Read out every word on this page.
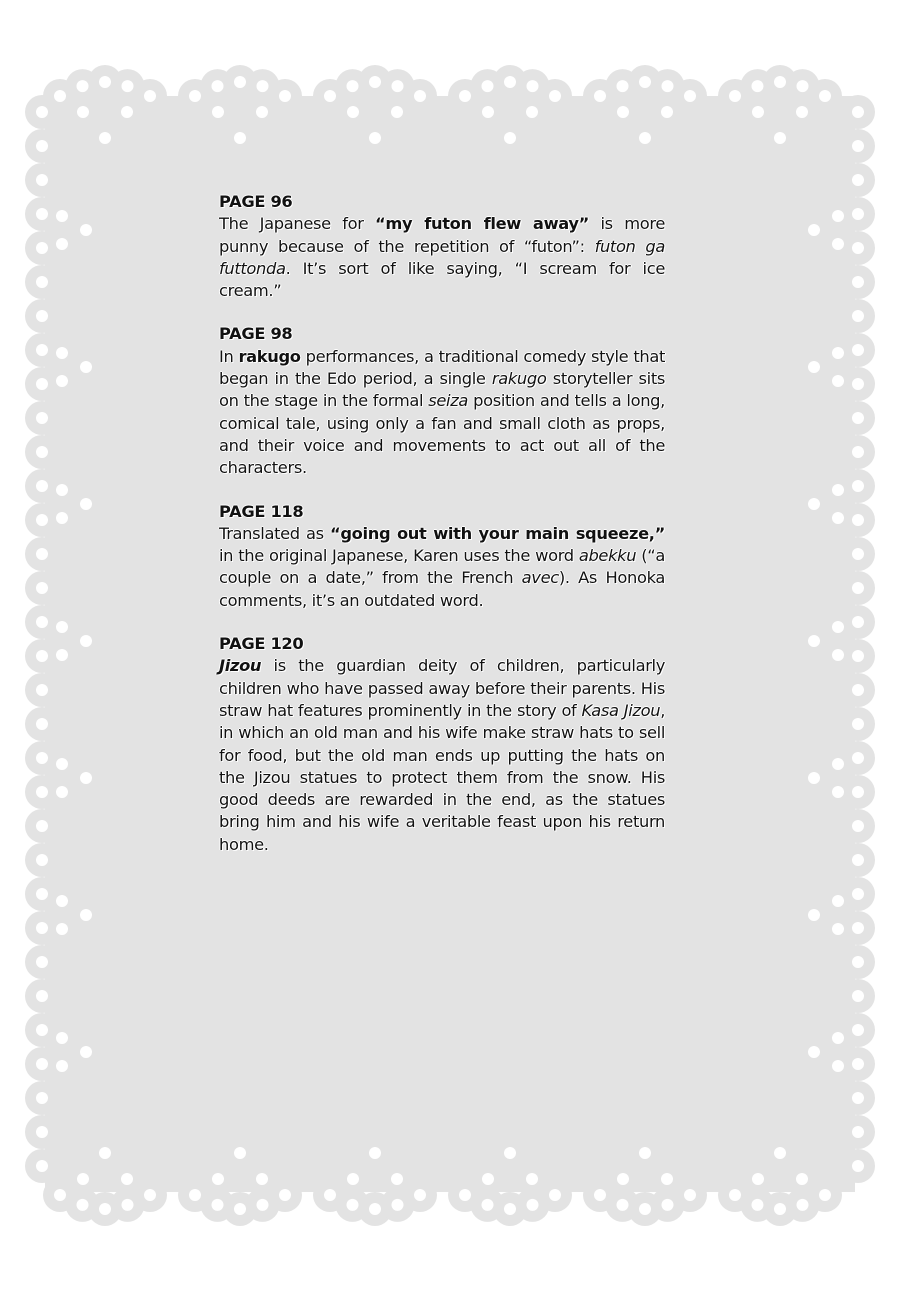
PAGE 96

The Japanese for “my futon flew away” is more punny because of the repetition of “futon”: futon ga futtonda. It’s sort of like saying, “I scream for ice cream.”

PAGE 98

In rakugo performances, a traditional comedy style that began in the Edo period, a single rakugo storyteller sits on the stage in the formal seiza position and tells a long, comical tale, using only a fan and small cloth as props, and their voice and movements to act out all of the characters.

PAGE 118

Translated as “going out with your main squeeze,” in the original Japanese, Karen uses the word abekku (“a couple on a date,” from the French avec). As Honoka comments, it’s an outdated word.

PAGE 120

Jizou is the guardian deity of children, particularly children who have passed away before their parents. His straw hat features prominently in the story of Kasa Jizou, in which an old man and his wife make straw hats to sell for food, but the old man ends up putting the hats on the Jizou statues to protect them from the snow. His good deeds are rewarded in the end, as the statues bring him and his wife a veritable feast upon his return home.
